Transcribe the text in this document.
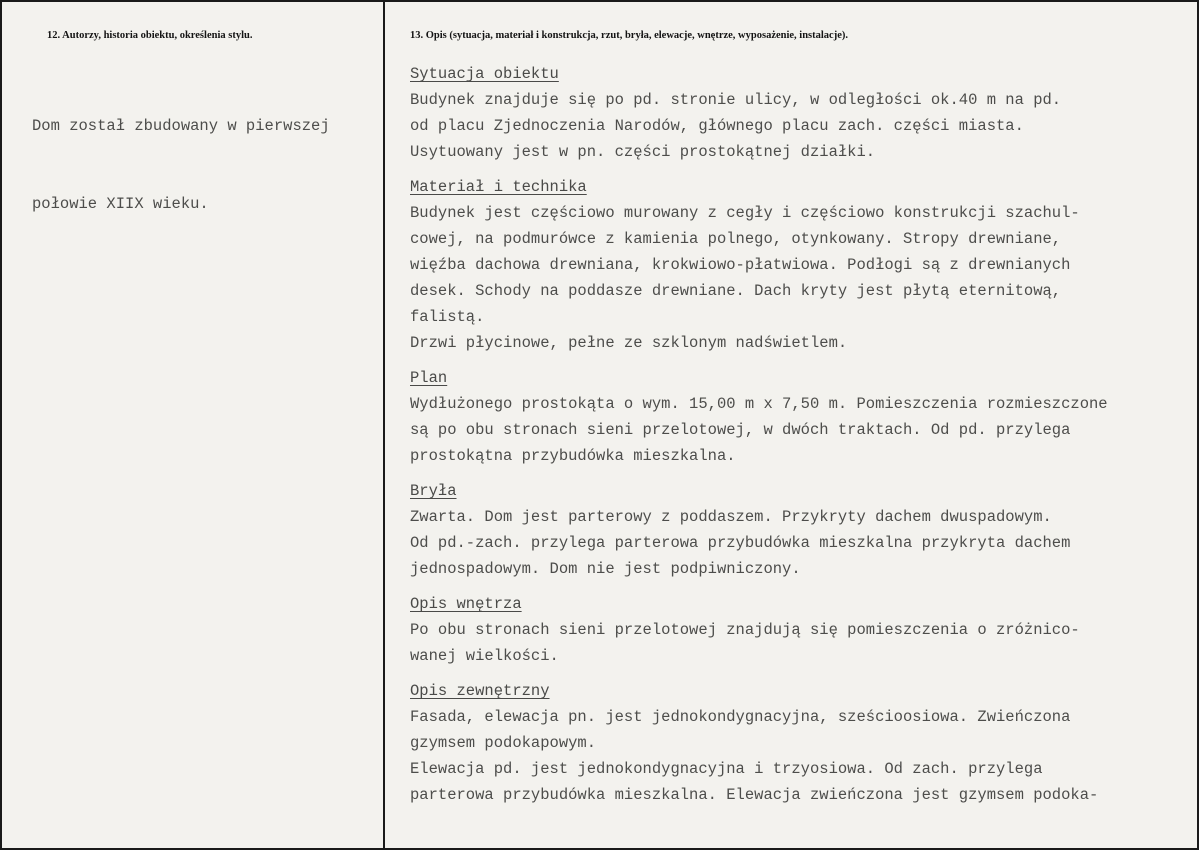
12. Autorzy, historia obiektu, określenia stylu.	13. Opis (sytuacja, materiał i konstrukcja, rzut, bryła, elewacje, wnętrze, wyposażenie, instalacje).

Dom został zbudowany w pierwszej

połowie XIIX wieku.

Sytuacja obiektu
Budynek znajduje się po pd. stronie ulicy, w odległości ok.40 m na pd.
od placu Zjednoczenia Narodów, głównego placu zach. części miasta.
Usytuowany jest w pn. części prostokątnej działki.
Materiał i technika
Budynek jest częściowo murowany z cegły i częściowo konstrukcji szachul-
cowej, na podmurówce z kamienia polnego, otynkowany. Stropy drewniane,
więźba dachowa drewniana, krokwiowo-płatwiowa. Podłogi są z drewnianych
desek. Schody na poddasze drewniane. Dach kryty jest płytą eternitową,
falistą.
Drzwi płycinowe, pełne ze szklonym nadświetlem.
Plan
Wydłużonego prostokąta o wym. 15,00 m x 7,50 m. Pomieszczenia rozmieszczone
są po obu stronach sieni przelotowej, w dwóch traktach. Od pd. przylega
prostokątna przybudówka mieszkalna.
Bryła
Zwarta. Dom jest parterowy z poddaszem. Przykryty dachem dwuspadowym.
Od pd.-zach. przylega parterowa przybudówka mieszkalna przykryta dachem
jednospadowym. Dom nie jest podpiwniczony.
Opis wnętrza
Po obu stronach sieni przelotowej znajdują się pomieszczenia o zróżnico-
wanej wielkości.
Opis zewnętrzny
Fasada, elewacja pn. jest jednokondygnacyjna, sześcioosiowa. Zwieńczona
gzymsem podokapowym.
Elewacja pd. jest jednokondygnacyjna i trzyosiowa. Od zach. przylega
parterowa przybudówka mieszkalna. Elewacja zwieńczona jest gzymsem podoka-
